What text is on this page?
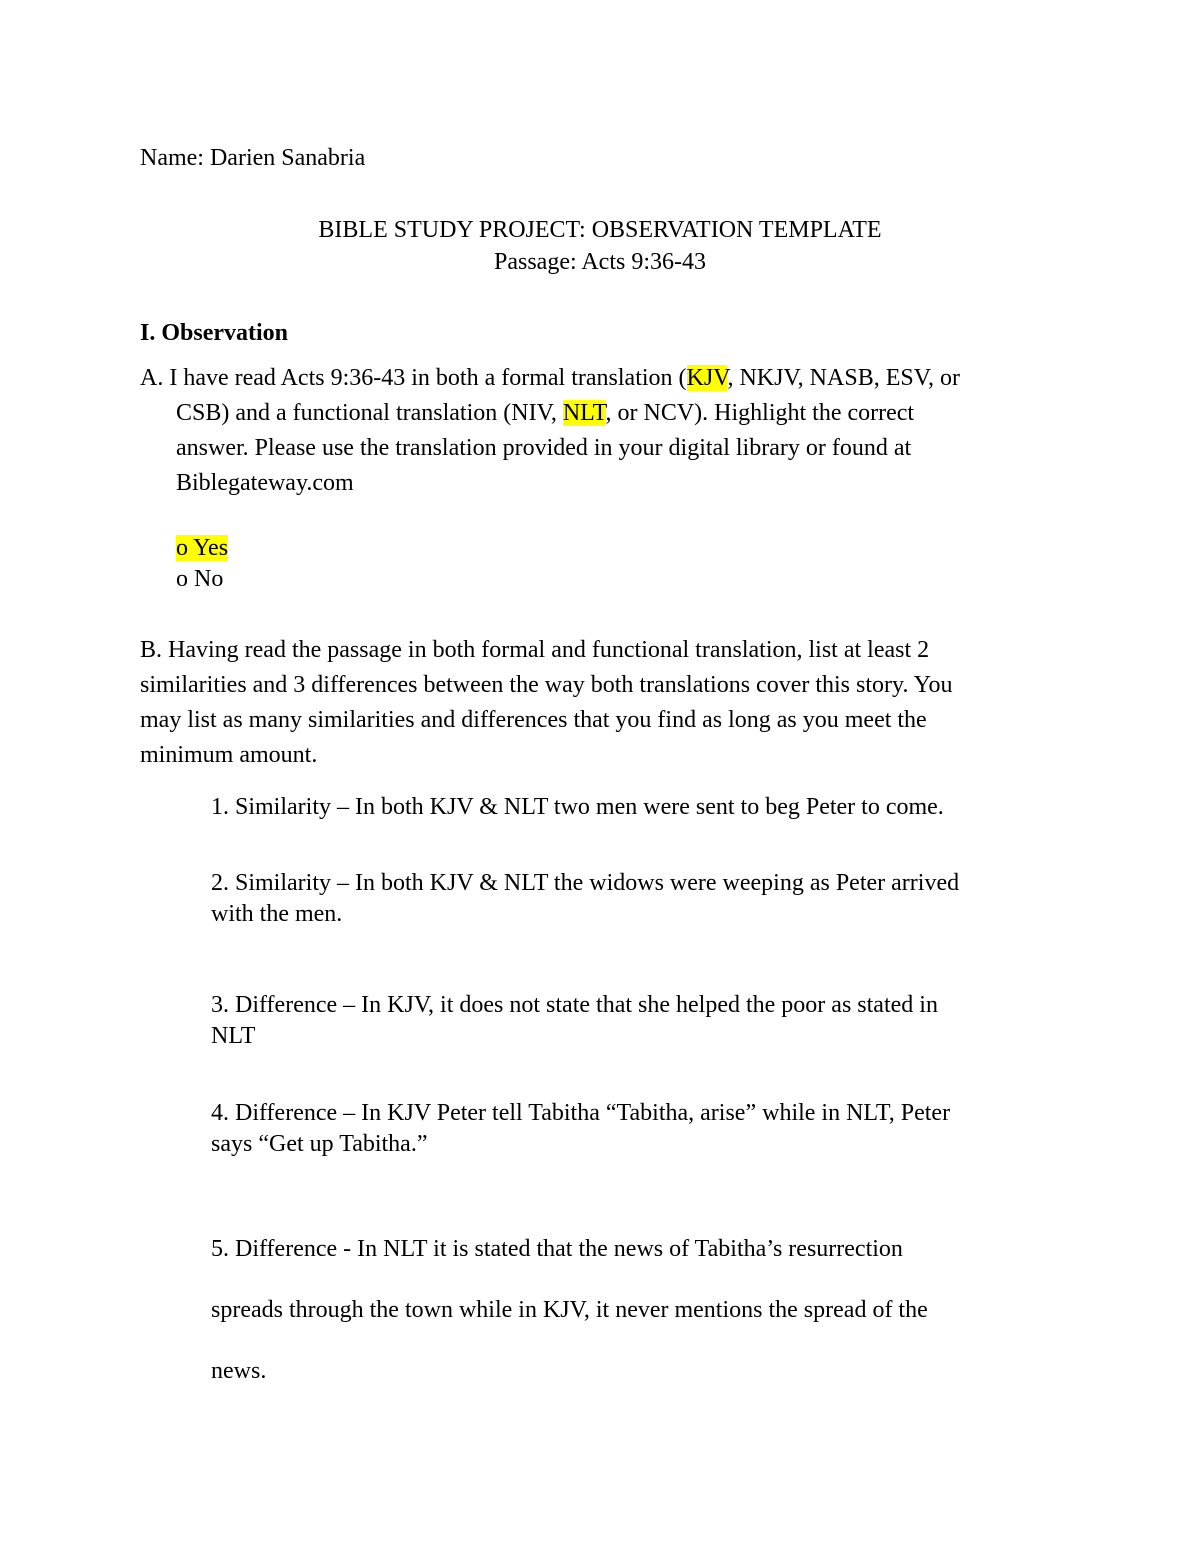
Name: Darien Sanabria
BIBLE STUDY PROJECT: OBSERVATION TEMPLATE
Passage: Acts 9:36-43
I. Observation
A. I have read Acts 9:36-43 in both a formal translation (KJV, NKJV, NASB, ESV, or
CSB) and a functional translation (NIV, NLT, or NCV). Highlight the correct
answer. Please use the translation provided in your digital library or found at
Biblegateway.com
o Yes
o No
B. Having read the passage in both formal and functional translation, list at least 2
similarities and 3 differences between the way both translations cover this story. You
may list as many similarities and differences that you find as long as you meet the
minimum amount.
1. Similarity – In both KJV & NLT two men were sent to beg Peter to come.
2. Similarity – In both KJV & NLT the widows were weeping as Peter arrived
with the men.
3. Difference – In KJV, it does not state that she helped the poor as stated in
NLT
4. Difference – In KJV Peter tell Tabitha “Tabitha, arise” while in NLT, Peter
says “Get up Tabitha.”
5. Difference - In NLT it is stated that the news of Tabitha’s resurrection
spreads through the town while in KJV, it never mentions the spread of the
news.
